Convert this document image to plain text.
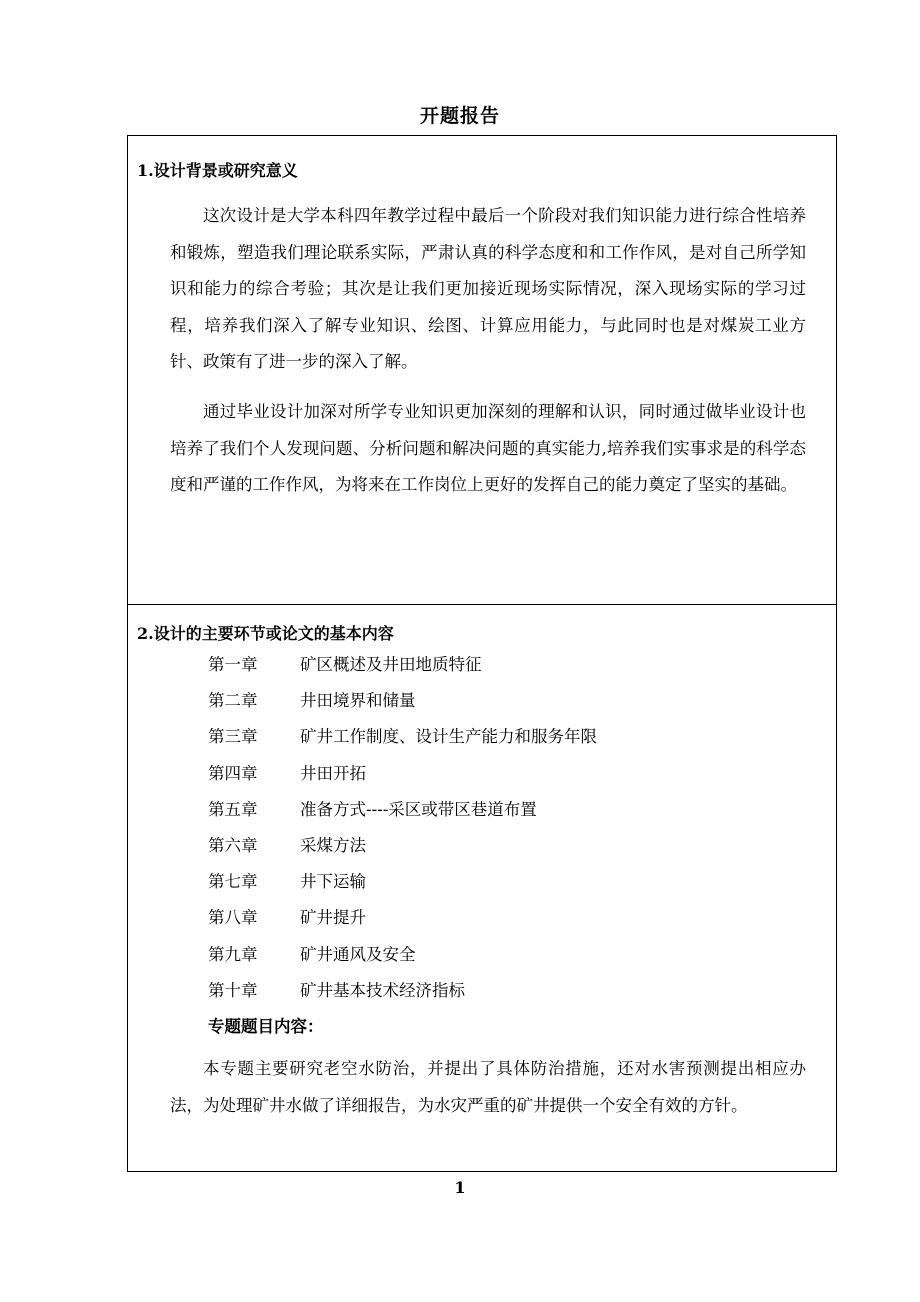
开题报告
1.设计背景或研究意义

这次设计是大学本科四年教学过程中最后一个阶段对我们知识能力进行综合性培养和锻炼，塑造我们理论联系实际，严肃认真的科学态度和和工作作风，是对自己所学知识和能力的综合考验；其次是让我们更加接近现场实际情况，深入现场实际的学习过程，培养我们深入了解专业知识、绘图、计算应用能力，与此同时也是对煤炭工业方针、政策有了进一步的深入了解。

通过毕业设计加深对所学专业知识更加深刻的理解和认识，同时通过做毕业设计也培养了我们个人发现问题、分析问题和解决问题的真实能力,培养我们实事求是的科学态度和严谨的工作作风，为将来在工作岗位上更好的发挥自己的能力奠定了坚实的基础。

2.设计的主要环节或论文的基本内容
第一章	矿区概述及井田地质特征
第二章	井田境界和储量
第三章	矿井工作制度、设计生产能力和服务年限
第四章	井田开拓
第五章	准备方式----采区或带区巷道布置
第六章	采煤方法
第七章	井下运输
第八章	矿井提升
第九章	矿井通风及安全
第十章	矿井基本技术经济指标
专题题目内容：

本专题主要研究老空水防治，并提出了具体防治措施，还对水害预测提出相应办法，为处理矿井水做了详细报告，为水灾严重的矿井提供一个安全有效的方针。

1
